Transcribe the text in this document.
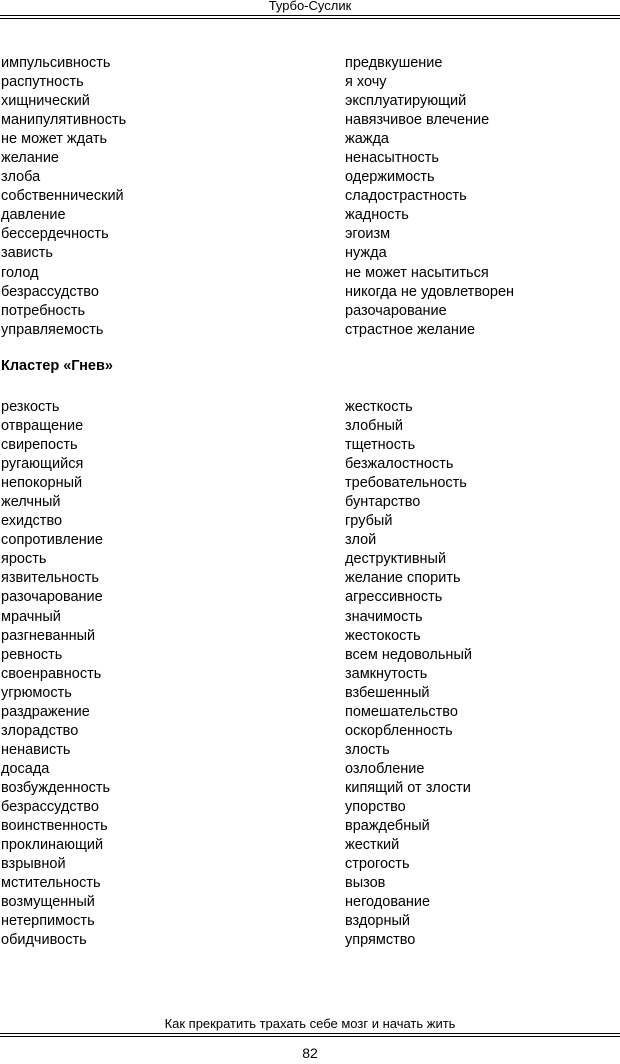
Турбо-Суслик
импульсивность	предвкушение
распутность	я хочу
хищнический	эксплуатирующий
манипулятивность	навязчивое влечение
не может ждать	жажда
желание	ненасытность
злоба	одержимость
собственнический	сладострастность
давление	жадность
бессердечность	эгоизм
зависть	нужда
голод	не может насытиться
безрассудство	никогда не удовлетворен
потребность	разочарование
управляемость	страстное желание
Кластер «Гнев»
резкость	жесткость
отвращение	злобный
свирепость	тщетность
ругающийся	безжалостность
непокорный	требовательность
желчный	бунтарство
ехидство	грубый
сопротивление	злой
ярость	деструктивный
язвительность	желание спорить
разочарование	агрессивность
мрачный	значимость
разгневанный	жестокость
ревность	всем недовольный
своенравность	замкнутость
угрюмость	взбешенный
раздражение	помешательство
злорадство	оскорбленность
ненависть	злость
досада	озлобление
возбужденность	кипящий от злости
безрассудство	упорство
воинственность	враждебный
проклинающий	жесткий
взрывной	строгость
мстительность	вызов
возмущенный	негодование
нетерпимость	вздорный
обидчивость	упрямство
Как прекратить трахать себе мозг и начать жить
82
